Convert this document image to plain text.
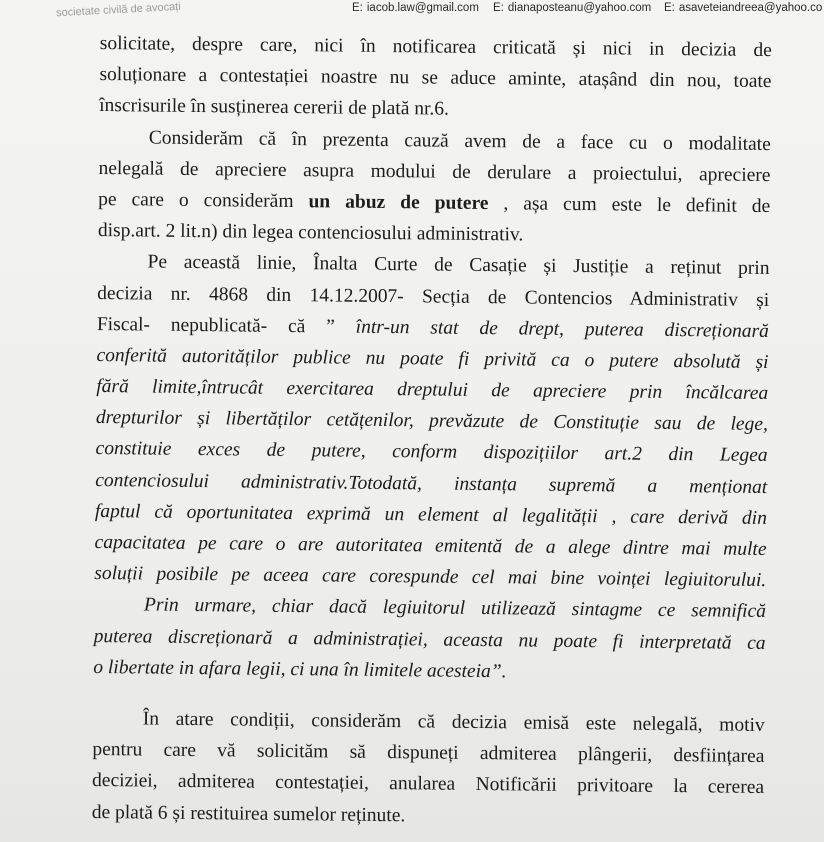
societate civilă de avocați	E: iacob.law@gmail.com E: dianaposteanu@yahoo.com E: asaveteiandreea@yahoo.co
solicitate, despre care, nici în notificarea criticată și nici in decizia de
soluționare a contestației noastre nu se aduce aminte, atașând din nou, toate
înscrisurile în susținerea cererii de plată nr.6.
Considerăm că în prezenta cauză avem de a face cu o modalitate
nelegală de apreciere asupra modului de derulare a proiectului, apreciere
pe care o considerăm un abuz de putere , așa cum este le definit de
disp.art. 2 lit.n) din legea contenciosului administrativ.
Pe această linie, Înalta Curte de Casație și Justiție a reținut prin
decizia nr. 4868 din 14.12.2007- Secția de Contencios Administrativ și
Fiscal- nepublicată- că ” într-un stat de drept, puterea discreționară
conferită autorităților publice nu poate fi privită ca o putere absolută și
fără limite,întrucât exercitarea dreptului de apreciere prin încălcarea
drepturilor și libertăților cetățenilor, prevăzute de Constituție sau de lege,
constituie exces de putere, conform dispozițiilor art.2 din Legea
contenciosului administrativ.Totodată, instanța supremă a menționat
faptul că oportunitatea exprimă un element al legalității , care derivă din
capacitatea pe care o are autoritatea emitentă de a alege dintre mai multe
soluții posibile pe aceea care corespunde cel mai bine voinței legiuitorului.
Prin urmare, chiar dacă legiuitorul utilizează sintagme ce semnifică
puterea discreționară a administrației, aceasta nu poate fi interpretată ca
o libertate in afara legii, ci una în limitele acesteia”.
În atare condiții, considerăm că decizia emisă este nelegală, motiv
pentru care vă solicităm să dispuneți admiterea plângerii, desființarea
deciziei, admiterea contestației, anularea Notificării privitoare la cererea
de plată 6 și restituirea sumelor reținute.
